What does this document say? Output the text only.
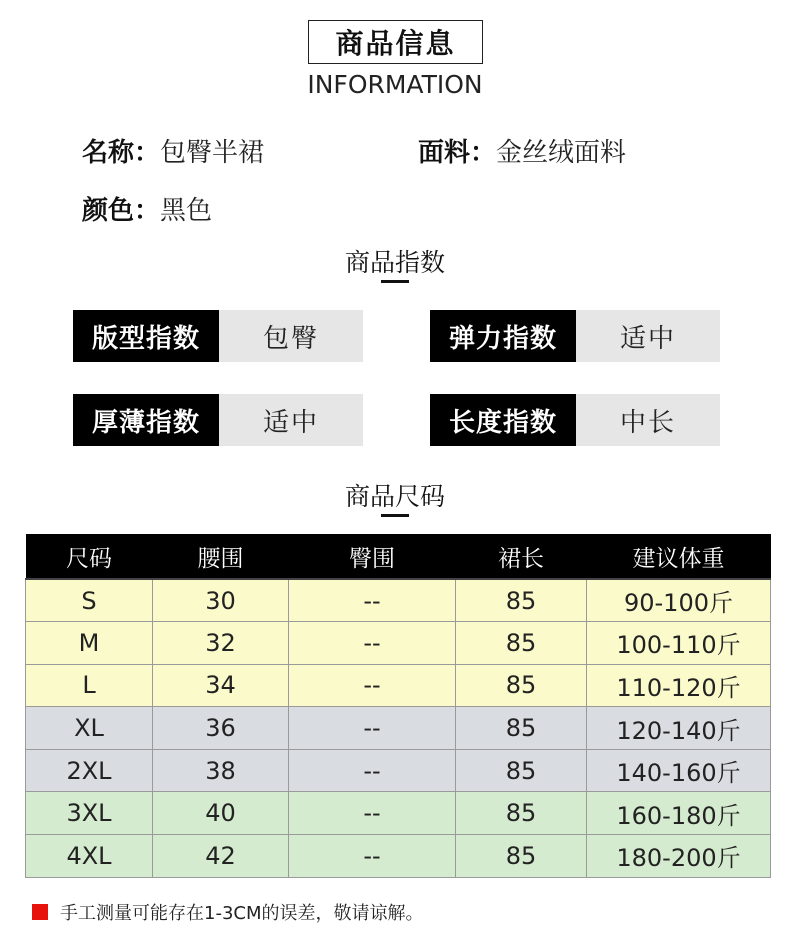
商品信息
INFORMATION
名称：包臀半裙	面料：金丝绒面料
颜色：黑色
商品指数
版型指数	包臀	弹力指数	适中
厚薄指数	适中	长度指数	中长
商品尺码
尺码	腰围	臀围	裙长	建议体重
S	30	--	85	90-100斤
M	32	--	85	100-110斤
L	34	--	85	110-120斤
XL	36	--	85	120-140斤
2XL	38	--	85	140-160斤
3XL	40	--	85	160-180斤
4XL	42	--	85	180-200斤
手工测量可能存在1-3CM的误差，敬请谅解。
